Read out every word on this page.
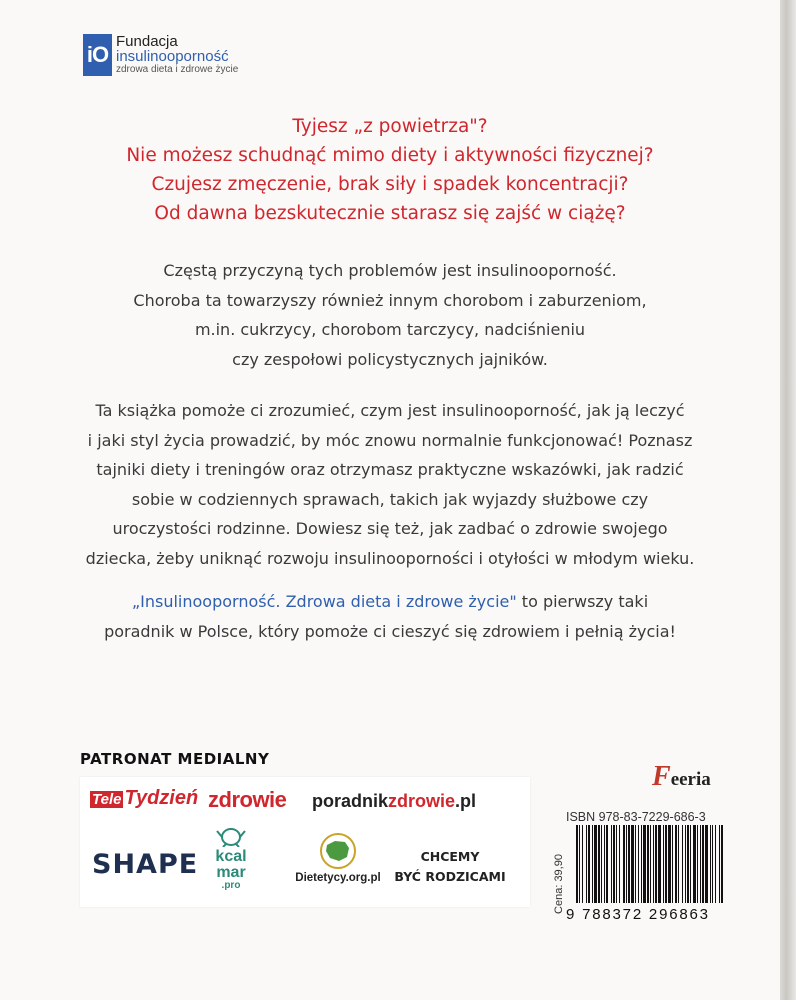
iO
Fundacja
insulinooporność
zdrowa dieta i zdrowe życie
Tyjesz „z powietrza"?
Nie możesz schudnąć mimo diety i aktywności fizycznej?
Czujesz zmęczenie, brak siły i spadek koncentracji?
Od dawna bezskutecznie starasz się zajść w ciążę?
Częstą przyczyną tych problemów jest insulinooporność.
Choroba ta towarzyszy również innym chorobom i zaburzeniom,
m.in. cukrzycy, chorobom tarczycy, nadciśnieniu
czy zespołowi policystycznych jajników.
Ta książka pomoże ci zrozumieć, czym jest insulinooporność, jak ją leczyć
i jaki styl życia prowadzić, by móc znowu normalnie funkcjonować! Poznasz
tajniki diety i treningów oraz otrzymasz praktyczne wskazówki, jak radzić
sobie w codziennych sprawach, takich jak wyjazdy służbowe czy
uroczystości rodzinne. Dowiesz się też, jak zadbać o zdrowie swojego
dziecka, żeby uniknąć rozwoju insulinooporności i otyłości w młodym wieku.
„Insulinooporność. Zdrowa dieta i zdrowe życie" to pierwszy taki
poradnik w Polsce, który pomoże ci cieszyć się zdrowiem i pełnią życia!
PATRONAT MEDIALNY
Tele Tydzień zdrowie poradnikzdrowie.pl
SHAPE	kcal
mar
.pro
Dietetycy.org.pl
CHCEMY
BYĆ RODZICAMI
Feeria
ISBN 978-83-7229-686-3
Cena: 39,90
9 788372 296863
